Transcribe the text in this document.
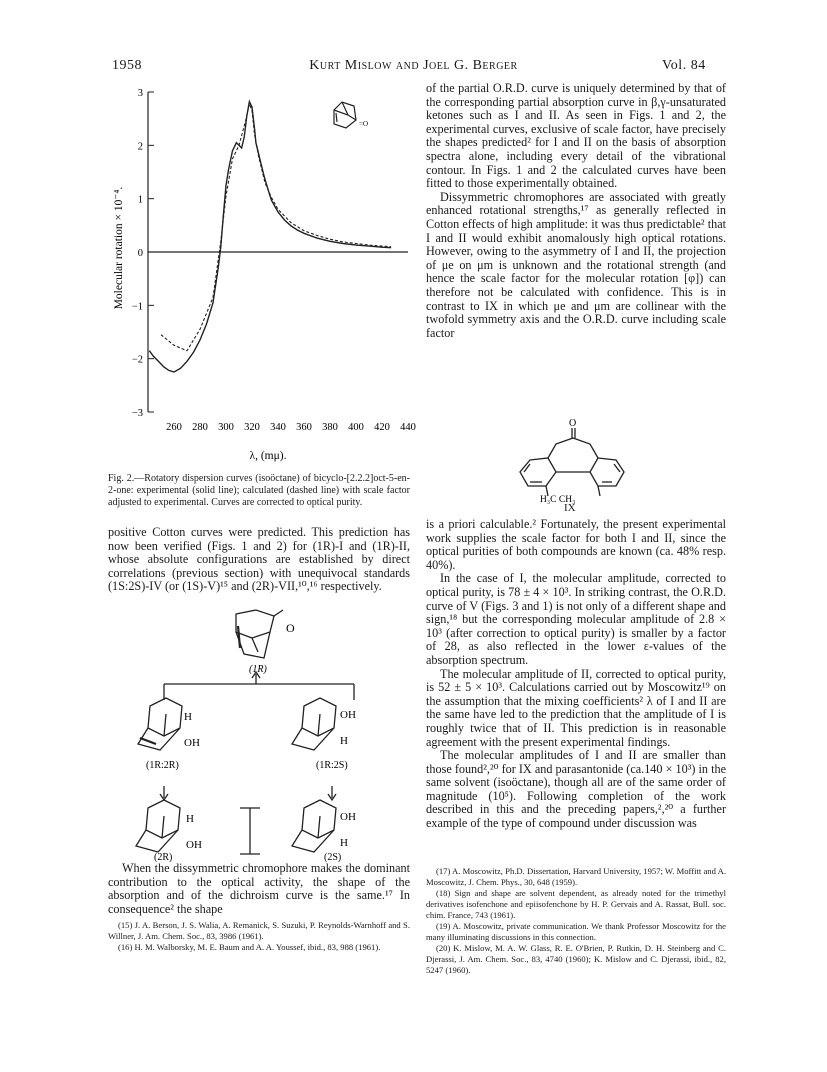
1958	Kurt Mislow and Joel G. Berger	Vol. 84
3
2
1
0
−1
−2
−3
260 280 300 320 340 360 380 400 420 440
=O
Molecular rotation × 10⁻⁴.
λ, (mμ).
Fig. 2.—Rotatory dispersion curves (isoöctane) of bicyclo-[2.2.2]oct-5-en-2-one: experimental (solid line); calculated (dashed line) with scale factor adjusted to experimental. Curves are corrected to optical purity.

positive Cotton curves were predicted. This prediction has now been verified (Figs. 1 and 2) for (1R)-I and (1R)-II, whose absolute configurations are established by direct correlations (previous section) with unequivocal standards (1S:2S)-IV (or (1S)-V)¹⁵ and (2R)-VII,¹⁰,¹⁶ respectively.

O
(1R)
H
OH
OH
H
(1R:2R)	(1R:2S)
H
OH
OH
H
(2R)	(2S)

When the dissymmetric chromophore makes the dominant contribution to the optical activity, the shape of the absorption and of the dichroism curve is the same.¹⁷ In consequence² the shape

(15) J. A. Berson, J. S. Walia, A. Remanick, S. Suzuki, P. Reynolds-Warnhoff and S. Willner, J. Am. Chem. Soc., 83, 3986 (1961).
(16) H. M. Walborsky, M. E. Baum and A. A. Youssef, ibid., 83, 988 (1961).

of the partial O.R.D. curve is uniquely determined by that of the corresponding partial absorption curve in β,γ-unsaturated ketones such as I and II. As seen in Figs. 1 and 2, the experimental curves, exclusive of scale factor, have precisely the shapes predicted² for I and II on the basis of absorption spectra alone, including every detail of the vibrational contour. In Figs. 1 and 2 the calculated curves have been fitted to those experimentally obtained.

Dissymmetric chromophores are associated with greatly enhanced rotational strengths,¹⁷ as generally reflected in Cotton effects of high amplitude: it was thus predictable² that I and II would exhibit anomalously high optical rotations. However, owing to the asymmetry of I and II, the projection of μe on μm is unknown and the rotational strength (and hence the scale factor for the molecular rotation [φ]) can therefore not be calculated with confidence. This is in contrast to IX in which μe and μm are collinear with the twofold symmetry axis and the O.R.D. curve including scale factor

O
H₃C CH₃
IX

is a priori calculable.² Fortunately, the present experimental work supplies the scale factor for both I and II, since the optical purities of both compounds are known (ca. 48% resp. 40%).

In the case of I, the molecular amplitude, corrected to optical purity, is 78 ± 4 × 10³. In striking contrast, the O.R.D. curve of V (Figs. 3 and 1) is not only of a different shape and sign,¹⁸ but the corresponding molecular amplitude of 2.8 × 10³ (after correction to optical purity) is smaller by a factor of 28, as also reflected in the lower ε-values of the absorption spectrum.

The molecular amplitude of II, corrected to optical purity, is 52 ± 5 × 10³. Calculations carried out by Moscowitz¹⁹ on the assumption that the mixing coefficients² λ of I and II are the same have led to the prediction that the amplitude of I is roughly twice that of II. This prediction is in reasonable agreement with the present experimental findings.

The molecular amplitudes of I and II are smaller than those found²,²⁰ for IX and parasantonide (ca.140 × 10³) in the same solvent (isoöctane), though all are of the same order of magnitude (10⁵). Following completion of the work described in this and the preceding papers,²,²⁰ a further example of the type of compound under discussion was

(17) A. Moscowitz, Ph.D. Dissertation, Harvard University, 1957; W. Moffitt and A. Moscowitz, J. Chem. Phys., 30, 648 (1959).
(18) Sign and shape are solvent dependent, as already noted for the trimethyl derivatives isofenchone and epiisofenchone by H. P. Gervais and A. Rassat, Bull. soc. chim. France, 743 (1961).
(19) A. Moscowitz, private communication. We thank Professor Moscowitz for the many illuminating discussions in this connection.
(20) K. Mislow, M. A. W. Glass, R. E. O'Brien, P. Rutkin, D. H. Steinberg and C. Djerassi, J. Am. Chem. Soc., 83, 4740 (1960); K. Mislow and C. Djerassi, ibid., 82, 5247 (1960).
